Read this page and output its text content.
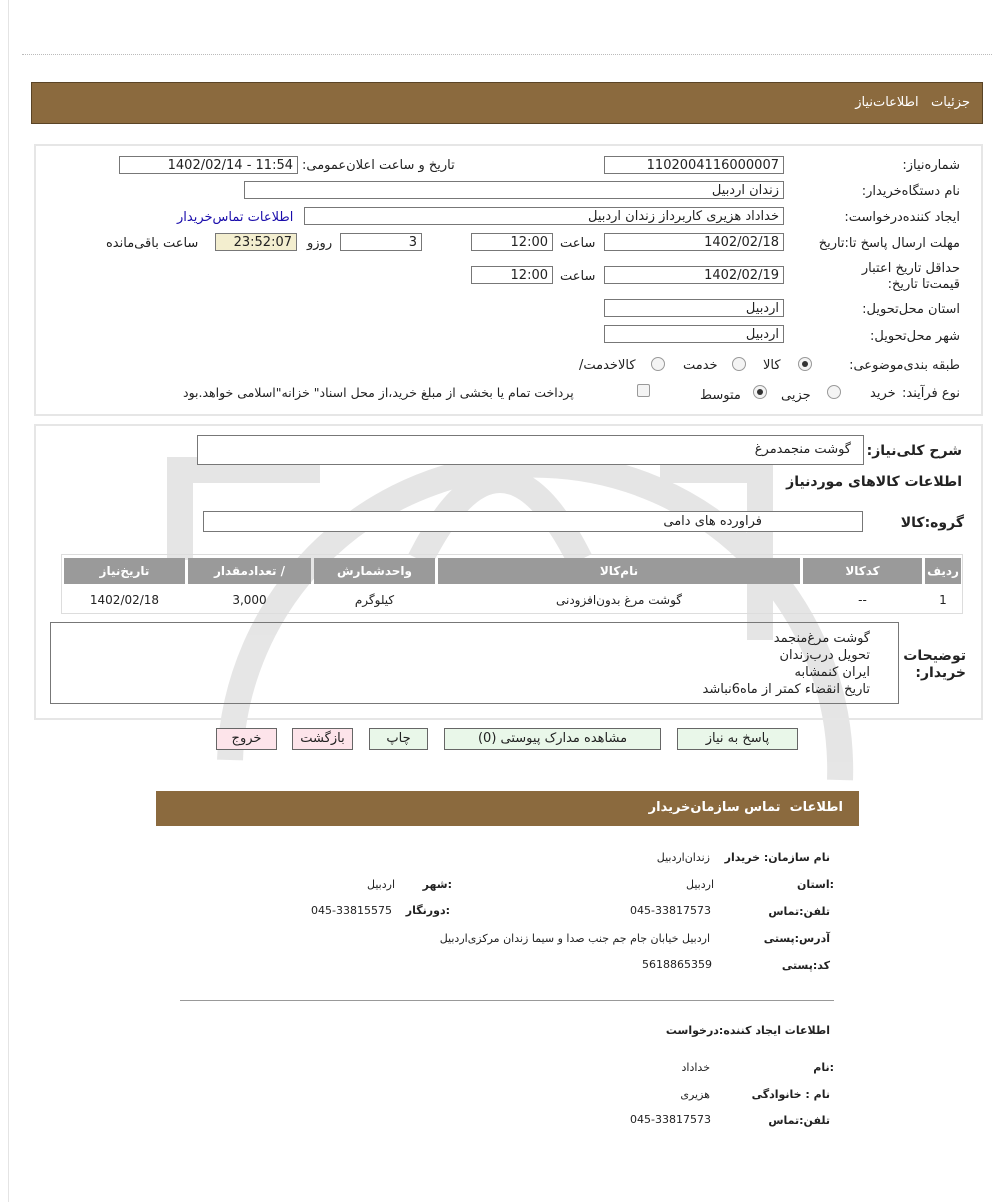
جزئیات   اطلاعات‌نیاز
شماره‌نیاز:
1102004116000007
تاریخ و ساعت اعلان‌عمومی:
1402/02/14 - 11:54
نام دستگاه‌خریدار:
زندان اردبیل
ایجاد کننده‌درخواست:
خداداد هزیری کاربرداز زندان اردبیل
اطلاعات تماس‌خریدار
مهلت ارسال پاسخ تا:تاریخ
1402/02/18
ساعت
12:00
3
روزو
23:52:07
ساعت باقی‌مانده
حداقل تاریخ اعتبار قیمت‌تا تاریخ:
1402/02/19
ساعت
12:00
استان محل‌تحویل:
اردبیل
شهر محل‌تحویل:
اردبیل
طبقه بندی‌موضوعی:
کالا
خدمت
کالاخدمت/
نوع فرآیند:
خرید
جزیی
متوسط
پرداخت تمام یا بخشی از مبلغ خرید،از محل اسناد" خزانه"اسلامی خواهد.بود
شرح کلی‌نیاز:
گوشت منجمدمرغ
اطلاعات کالاهای موردنیاز
گروه:کالا
فراورده های دامی
ردیف
کدکالا
نام‌کالا
واحدشمارش
/ تعدادمقدار
تاریخ‌نیاز
1
--
گوشت مرغ بدون‌افزودنی
کیلوگرم
3,000
1402/02/18
توضیحات خریدار:
گوشت مرغ‌منجمد
تحویل درب‌زندان
ایران کنمشابه
تاریخ انقضاء کمتر از ماه6نباشد
پاسخ به نیاز
مشاهده مدارک پیوستی (0)
چاپ
بازگشت
خروج
اطلاعات  تماس سازمان‌خریدار
نام سازمان‌: خریدار
زندان‌اردبیل
:استان
اردبیل
:شهر
اردبیل
تلفن‌:تماس
045-33817573
:دورنگار
045-33815575
آدرس‌:پستی
اردبیل خیابان جام جم جنب صدا و سیما زندان مرکزی‌اردبیل
کد:پستی
5618865359
اطلاعات ایجاد کننده:درخواست
:نام
خداداد
نام : خانوادگی
هزیری
تلفن‌:تماس
045-33817573
